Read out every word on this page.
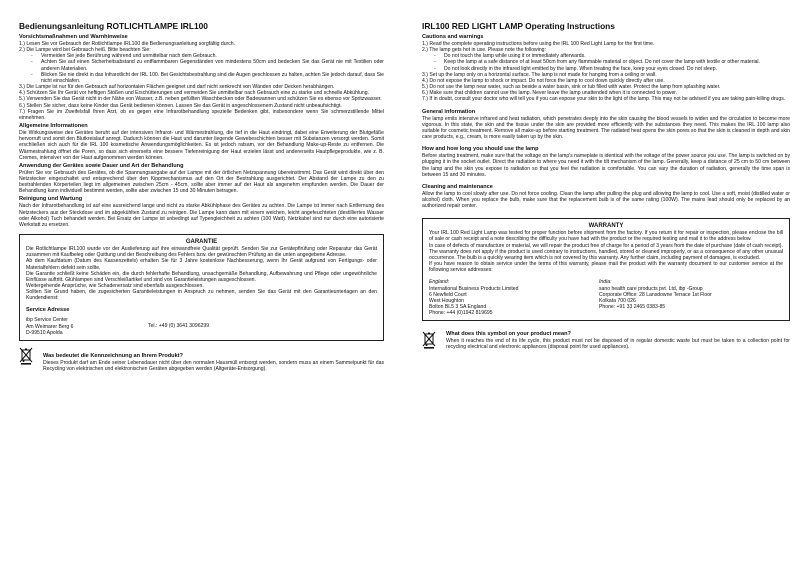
Bedienungsanleitung ROTLICHTLAMPE IRL100
Vorsichtsmaßnahmen und Warnhinweise
1.) Lesen Sie vor Gebrauch der Rotlichtlampe IRL100 die Bedienungsanleitung sorgfältig durch.
2.) Die Lampe wird bei Gebrauch heiß. Bitte beachten Sie:
- Vermeiden Sie jede Berührung während und unmittelbar nach dem Gebrauch.
- Achten Sie auf einen Sicherheitsabstand zu entflammbaren Gegenständen von mindestens 50cm und bedecken Sie das Gerät nie mit Textilien oder anderen Materialien.
- Blicken Sie nie direkt in das Infrarotlicht der IRL 100. Bei Gesichtsbestrahlung sind die Augen geschlossen zu halten, achten Sie jedoch darauf, dass Sie nicht einschlafen.
3.) Die Lampe ist nur für den Gebrauch auf horizontalen Flächen geeignet und darf nicht senkrecht von Wänden oder Decken herabhängen.
4.) Schützen Sie Ihr Gerät vor heftigen Stößen und Erschütterungen und vermeiden Sie unmittelbar nach Gebrauch eine zu starke und schnelle Abkühlung.
5.) Verwenden Sie das Gerät nicht in der Nähe von Wasser, z.B. neben gefüllten Waschbecken oder Badewannen und schützen Sie es ebenso vor Spritzwasser.
6.) Stellen Sie sicher, dass keine Kinder das Gerät bedienen können. Lassen Sie das Gerät in angeschlossenem Zustand nicht unbeaufsichtigt.
7.) Fragen Sie im Zweifelsfall Ihren Arzt, ob es gegen eine Infrarotbehandlung spezielle Bedenken gibt, insbesondere wenn Sie schmerzstillende Mittel einnehmen.
Allgemeine Informationen
Die Wirkungsweise des Gerätes beruht auf der intensiven Infrarot- und Wärmestrahlung, die tief in die Haut eindringt, dabei eine Erweiterung der Blutgefäße hervorruft und somit den Blutkreislauf anregt. Dadurch können die Haut und darunter liegende Gewebeschichten besser mit Substanzen versorgt werden. Somit erschließen sich auch für die IRL 100 kosmetische Anwendungsmöglichkeiten. Es ist jedoch ratsam, vor der Behandlung Make-up-Reste zu entfernen. Die Wärmestrahlung öffnet die Poren, so dass sich einerseits eine bessere Tiefenreinigung der Haut erzielen lässt und andererseits Hautpflegeprodukte, wie z. B. Cremes, intensiver von der Haut aufgenommen werden können.
Anwendung der Gerätes sowie Dauer und Art der Behandlung
Prüfen Sie vor Gebrauch des Gerätes, ob die Spannungsangabe auf der Lampe mit der örtlichen Netzspannung übereinstimmt. Das Gerät wird direkt über den Netzstecker eingeschaltet und entsprechend über den Kippmechanismus auf den Ort der Bestrahlung ausgerichtet. Der Abstand der Lampe zu den zu bestrahlenden Körperteilen liegt im allgemeinen zwischen 25cm - 45cm, sollte aber immer auf der Haut als angenehm empfunden werden. Die Dauer der Behandlung kann individuell bestimmt werden, sollte aber zwischen 15 und 30 Minuten betragen.
Reinigung und Wartung
Nach der Infrarotbehandlung ist auf eine ausreichend lange und nicht zu starke Abkühlphase des Gerätes zu achten. Die Lampe ist immer nach Entfernung des Netzsteckers aus der Steckdose und im abgekühlten Zustand zu reinigen. Die Lampe kann dann mit einem weichen, leicht angefeuchteten (destilliertes Wasser oder Alkohol) Tuch behandelt werden. Bei Ersatz der Lampe ist unbedingt auf Typengleichheit zu achten (100 Watt). Netzkabel sind nur durch eine autorisierte Werkstatt zu ersetzen.
GARANTIE
Die Rotlichtlampe IRL100 wurde vor der Auslieferung auf ihre einwandfreie Qualität geprüft. Senden Sie zur Gerätepflrüfung oder Reparatur das Gerät zusammen mit Kaufbeleg oder Quittung und der Beschreibung des Fehlers bzw. der gewünschten Prüfung an die unten angegebene Adresse.
Ab dem Kaufdatum (Datum des Kassenzettels) erhalten Sie für 3 Jahre kostenlose Nachbesserung, wenn Ihr Gerät aufgrund von Fertigungs- oder Materialfehlern defekt sein sollte.
Die Garantie schließt keine Schäden ein, die durch fehlerhafte Behandlung, unsachgemäße Behandlung, Aufbewahrung und Pflege oder ungewöhnliche Einflüsse auftritt. Glühlampen sind Verschleißartikel und sind von Garantieleistungen ausgeschlossen.
Weitergehende Ansprüche, wie Schadenersatz sind ebenfalls ausgeschlossen.
Sollten Sie Grund haben, die zugesicherten Garantieleistungen in Anspruch zu nehmen, senden Sie das Gerät mit den Garantieunterlagen an den Kundendienst:
Service Adresse
ibp Service Center
Am Weimarer Berg 6
D-99510 Apolda
Tel.: +49 (0) 3641 3096299
Was bedeutet die Kennzeichnung an Ihrem Produkt?
Dieses Produkt darf am Ende seiner Lebensdauer nicht über den normalen Hausmüll entsorgt werden, sondern muss an einem Sammelpunkt für das Recycling von elektrischen und elektronischen Geräten abgegeben werden (Altgeräte-Entsorgung).
IRL100 RED LIGHT LAMP Operating Instructions
Cautions and warnings
1.) Read the complete operating instructions before using the IRL 100 Red Light Lamp for the first time.
2.) The lamp gets hot in use. Please note the following:
- Do not touch the lamp while using it or immediately afterwards.
- Keep the lamp at a safe distance of at least 50cm from any flammable material or object. Do not cover the lamp with textile or other material.
- Do not look directly in the infrared light emitted by the lamp. When treating the face, keep your eyes closed. Do not sleep.
3.) Set up the lamp only on a horizontal surface. The lamp is not made for hanging from a ceiling or wall.
4.) Do not expose the lamp to shock or impact. Do not force the lamp to cool down quickly directly after use.
5.) Do not use the lamp near water, such as beside a water basin, sink or tub filled with water. Protect the lamp from splashing water.
6.) Make sure that children cannot use the lamp. Never leave the lamp unattended when it is connected to power.
7.) If in doubt, consult your doctor who will tell you if you can expose your skin to the light of the lamp. This may not be advised if you are taking pain-killing drugs.
General information
The lamp emits intensive infrared and heat radiation, which penetrates deeply into the skin causing the blood vessels to widen and the circulation to become more vigorous. In this state, the skin and the tissue under the skin are provided more efficiently with the substances they need. This makes the IRL 100 lamp also suitable for cosmetic treatment. Remove all make-up before starting treatment. The radiated heat opens the skin pores so that the skin is cleaned in depth and skin care products, e.g., cream, is more easily taken up by the skin.
How and how long you should use the lamp
Before starting treatment, make sure that the voltage on the lamp's nameplate is identical with the voltage of the power source you use. The lamp is switched on by plugging it in the socket outlet. Direct the radiation to where you need it with the tilt mechanism of the lamp. Generally, keep a distance of 25 cm to 50 cm between the lamp and the skin you expose to radiation so that you feel the radiation is comfortable. You can vary the duration of radiation, generally the time span is between 15 and 30 minutes.
Cleaning and maintenance
Allow the lamp to cool slowly after use. Do not force cooling. Clean the lamp after pulling the plug and allowing the lamp to cool. Use a soft, moist (distilled water or alcohol) cloth. When you replace the bulb, make sure that the replacement bulb is of the same rating (100W). The mains lead should only be replaced by an authorized repair center.
WARRANTY
Your IRL 100 Red Light Lamp was tested for proper function before shipment from the factory. If you return it for repair or inspection, please enclose the bill of sale or cash receipt and a note describing the difficulty you have had with the product or the required testing and mail it to the address below.
In case of defects of manufacture or material, we will repair the product free of charge for a period of 3 years from the date of purchase (date of cash receipt).
The warranty does not apply if the product is used contrary to instructions, handled, stored or cleaned improperly, or as a consequence of any other unusual occurrence. The bulb is a quickly wearing item which is not covered by this warranty. Any further claim, including payment of damages, is excluded.
If you have reason to obtain service under the terms of this warranty, please mail the product with the warranty document to our customer service at the following service addresses:
England:
International Business Products Limited
6 Newfield Court
West Houghton
Bolton BL5 3 SA England
Phone: +44 (0)1942 819695
India:
sano health care products pvt. Ltd, ibp -Group
Corporate Office: 28 Lansdowne Terrace 1st Floor
Kolkata 700 026
Phone: +91 33 2465 0383-85
What does this symbol on your product mean?
When it reaches the end of its life cycle, this product must not be disposed of in regular domestic waste but must be taken to a collection point for recycling electrical and electronic appliances (disposal point for used appliances).
